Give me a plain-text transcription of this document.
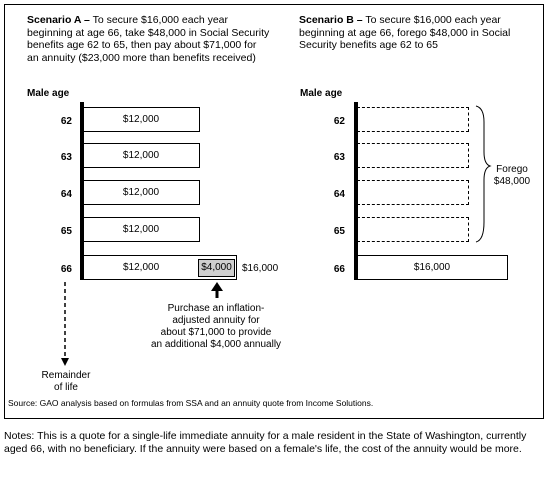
Scenario A – To secure $16,000 each year
beginning at age 66, take $48,000 in Social Security
benefits age 62 to 65, then pay about $71,000 for
an annuity ($23,000 more than benefits received)
Scenario B – To secure $16,000 each year
beginning at age 66, forego $48,000 in Social
Security benefits age 62 to 65
Male age
62
63
64
65
66
$12,000
$12,000
$12,000
$12,000
$12,000	$4,000	$16,000
Purchase an inflation-
adjusted annuity for
about $71,000 to provide
an additional $4,000 annually
Remainder
of life
Male age
62
63
64
65
66
Forego
$48,000
$16,000
Source: GAO analysis based on formulas from SSA and an annuity quote from Income Solutions.
Notes: This is a quote for a single-life immediate annuity for a male resident in the State of Washington, currently aged 66, with no beneficiary. If the annuity were based on a female's life, the cost of the annuity would be more.
